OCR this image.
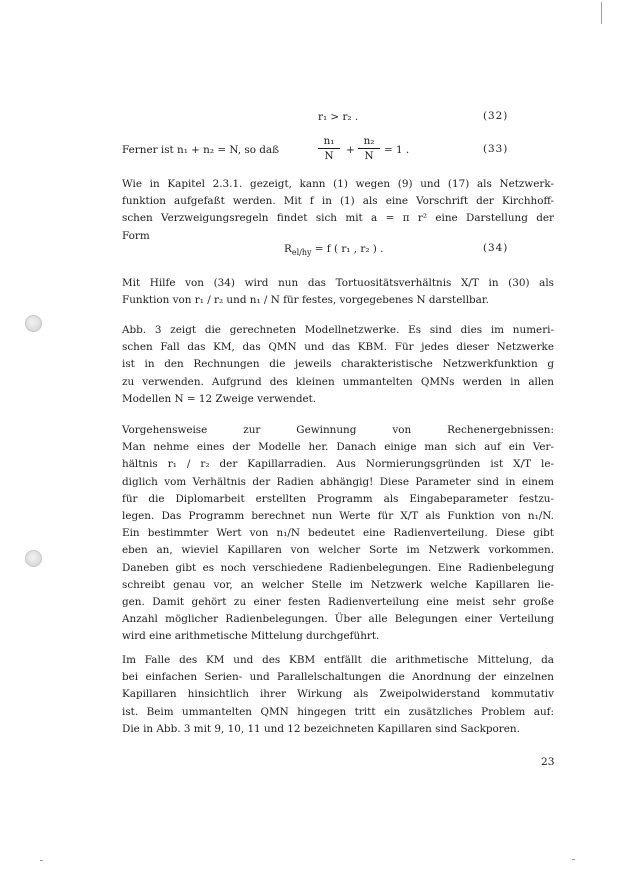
r₁ > r₂ .	(32)
Ferner ist n₁ + n₂ = N, so daß	$\frac{\text{n₁}}{N} + \frac{\text{n₂}}{N} = 1$ .	(33)
Wie in Kapitel 2.3.1. gezeigt, kann (1) wegen (9) und (17) als Netzwerk-
funktion aufgefaßt werden. Mit f in (1) als eine Vorschrift der Kirchhoff-
schen Verzweigungsregeln findet sich mit a = π r² eine Darstellung der
Form
$R_{el/hy} = f$ ( r₁ , r₂ ) .	(34)
Mit Hilfe von (34) wird nun das Tortuositätsverhältnis X/T in (30) als
Funktion von r₁ / r₂ und n₁ / N für festes, vorgegebenes N darstellbar.
Abb. 3 zeigt die gerechneten Modellnetzwerke. Es sind dies im numeri-
schen Fall das KM, das QMN und das KBM. Für jedes dieser Netzwerke
ist in den Rechnungen die jeweils charakteristische Netzwerkfunktion g
zu verwenden. Aufgrund des kleinen ummantelten QMNs werden in allen
Modellen N = 12 Zweige verwendet.
Vorgehensweise zur Gewinnung von Rechenergebnissen:
Man nehme eines der Modelle her. Danach einige man sich auf ein Ver-
hältnis r₁ / r₂ der Kapillarradien. Aus Normierungsgründen ist X/T le-
diglich vom Verhältnis der Radien abhängig! Diese Parameter sind in einem
für die Diplomarbeit erstellten Programm als Eingabeparameter festzu-
legen. Das Programm berechnet nun Werte für X/T als Funktion von n₁/N.
Ein bestimmter Wert von n₁/N bedeutet eine Radienverteilung. Diese gibt
eben an, wieviel Kapillaren von welcher Sorte im Netzwerk vorkommen.
Daneben gibt es noch verschiedene Radienbelegungen. Eine Radienbelegung
schreibt genau vor, an welcher Stelle im Netzwerk welche Kapillaren lie-
gen. Damit gehört zu einer festen Radienverteilung eine meist sehr große
Anzahl möglicher Radienbelegungen. Über alle Belegungen einer Verteilung
wird eine arithmetische Mittelung durchgeführt.
Im Falle des KM und des KBM entfällt die arithmetische Mittelung, da
bei einfachen Serien- und Parallelschaltungen die Anordnung der einzelnen
Kapillaren hinsichtlich ihrer Wirkung als Zweipolwiderstand kommutativ
ist. Beim ummantelten QMN hingegen tritt ein zusätzliches Problem auf:
Die in Abb. 3 mit 9, 10, 11 und 12 bezeichneten Kapillaren sind Sackporen.
23
